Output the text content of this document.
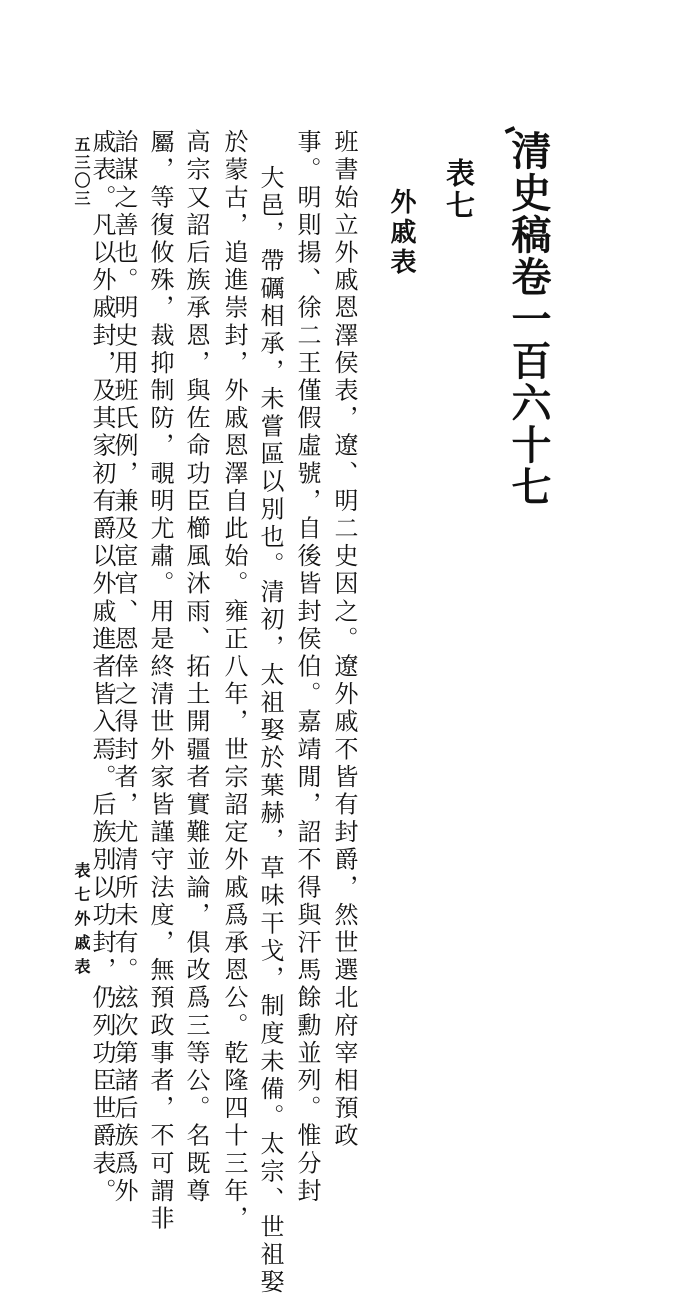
清史稿卷一百六十七
表七
外戚表
班書始立外戚恩澤侯表，遼、明二史因之。遼外戚不皆有封爵，然世選北府宰相預政
事。明則揚、徐二王僅假虛號，自後皆封侯伯。嘉靖閒，詔不得與汗馬餘勳並列。惟分封
大邑，帶礪相承，未嘗區以別也。清初，太祖娶於葉赫，草味干戈，制度未備。太宗、世祖娶
於蒙古，追進崇封，外戚恩澤自此始。雍正八年，世宗詔定外戚爲承恩公。乾隆四十三年，
高宗又詔后族承恩，與佐命功臣櫛風沐雨、拓土開疆者實難並論，俱改爲三等公。名既尊
屬，等復攸殊，裁抑制防，覗明尤肅。用是終清世外家皆謹守法度，無預政事者，不可謂非
詒謀之善也。明史用班氏例，兼及宦官、恩倖之得封者，尤清所未有。玆次第諸后族爲外
戚表。凡以外戚封，及其家初有爵以外戚進者皆入焉。后族別以功封，仍列功臣世爵表。
五三〇三
表七外戚表
